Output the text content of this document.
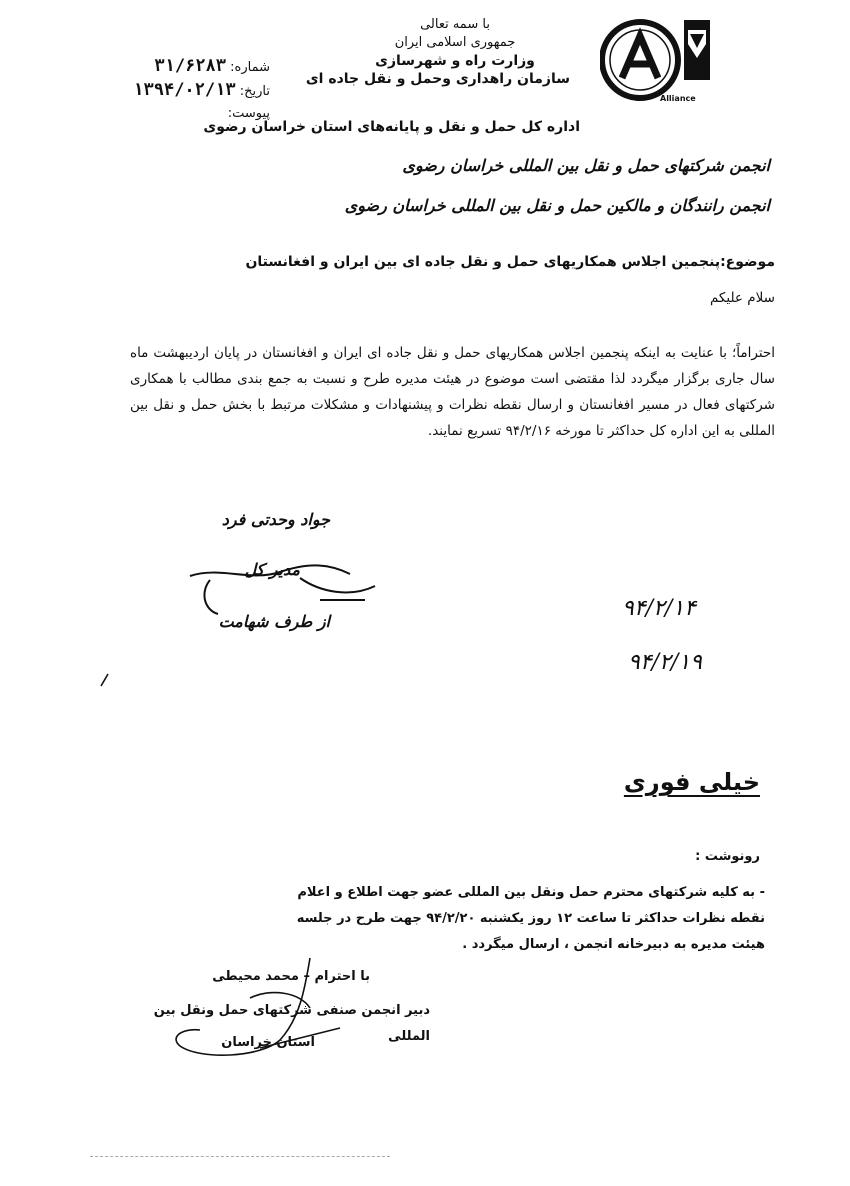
Alliance
با سمه تعالی
جمهوری اسلامی ایران
وزارت راه و شهرسازی
سازمان راهداری وحمل و نقل جاده ای
اداره کل حمل و نقل و پایانه‌های استان خراسان رضوی
شماره: ۳۱/۶۲۸۳
تاریخ: ۱۳۹۴/۰۲/۱۳
پیوست:
انجمن شرکتهای حمل و نقل بین المللی خراسان رضوی
انجمن رانندگان و مالکین حمل و نقل بین المللی خراسان رضوی
موضوع:پنجمین اجلاس همکاریهای حمل و نقل جاده ای بین ایران و افغانستان
سلام علیکم
احتراماً؛ با عنایت به اینکه پنجمین اجلاس همکاریهای حمل و نقل جاده ای ایران و افغانستان در پایان اردیبهشت ماه سال جاری برگزار میگردد لذا مقتضی است موضوع در هیئت مدیره طرح و نسبت به جمع بندی مطالب با همکاری شرکتهای فعال در مسیر افغانستان و ارسال نقطه نظرات و پیشنهادات و مشکلات مرتبط با بخش حمل و نقل بین المللی به این اداره کل حداکثر تا مورخه ۹۴/۲/۱۶ تسریع نمایند.
جواد وحدتی فرد
مدیر کل
از طرف شهامت
۹۴/۲/۱۴
۹۴/۲/۱۹
خیلی فوری
رونوشت :
- به کلیه شرکتهای محترم حمل ونقل بین المللی عضو جهت اطلاع و اعلام نقطه نظرات حداکثر تا ساعت ۱۲ روز یکشنبه ۹۴/۲/۲۰ جهت طرح در جلسه هیئت مدیره به دبیرخانه انجمن ، ارسال میگردد .
با احترام – محمد محیطی
دبیر انجمن صنفی شرکتهای حمل ونقل بین المللی
استان خراسان
